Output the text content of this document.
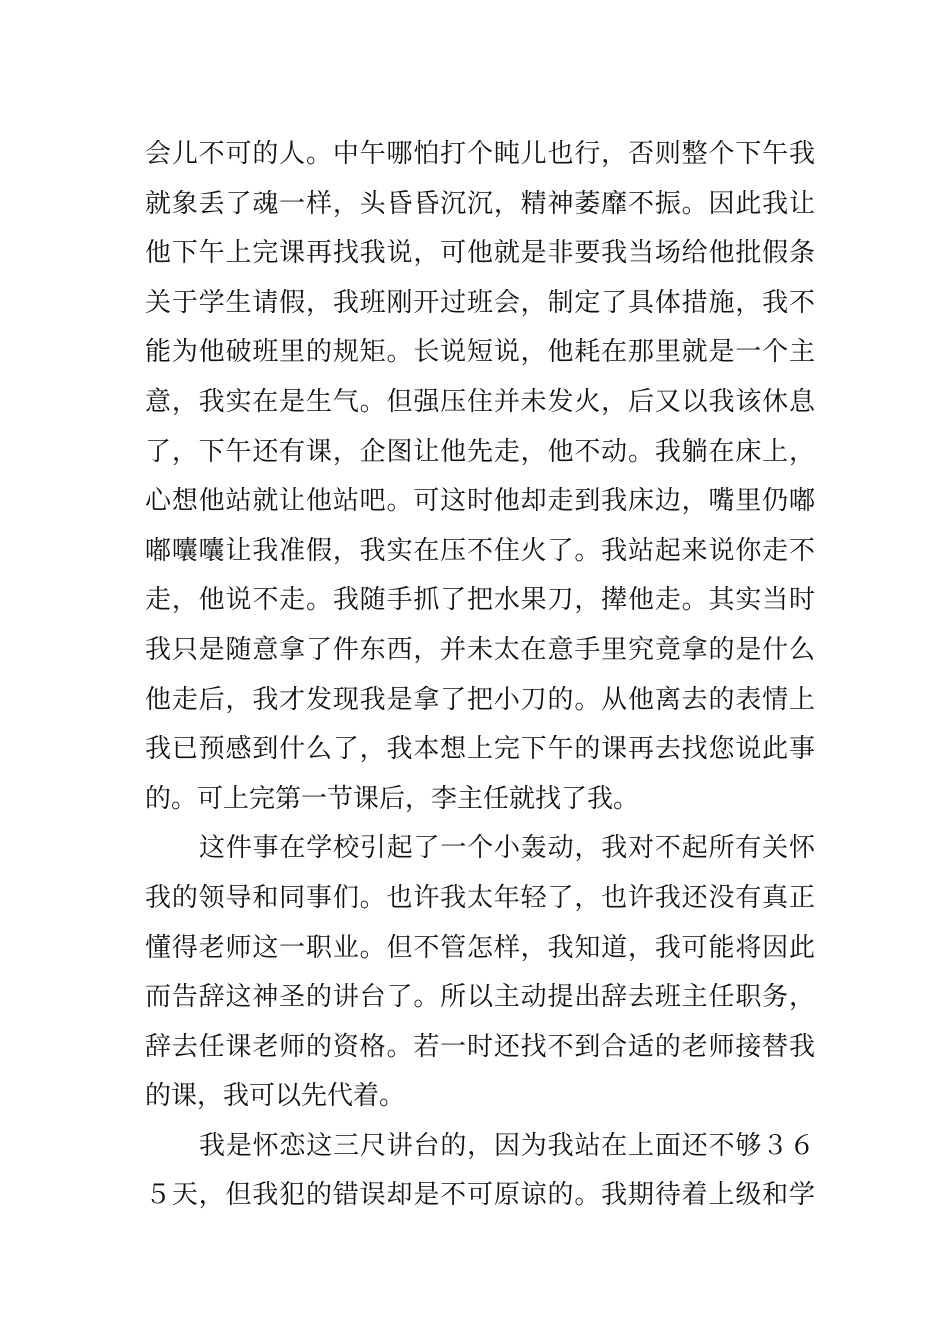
会儿不可的人。中午哪怕打个盹儿也行，否则整个下午我
就象丢了魂一样，头昏昏沉沉，精神萎靡不振。因此我让
他下午上完课再找我说，可他就是非要我当场给他批假条
关于学生请假，我班刚开过班会，制定了具体措施，我不
能为他破班里的规矩。长说短说，他耗在那里就是一个主
意，我实在是生气。但强压住并未发火，后又以我该休息
了，下午还有课，企图让他先走，他不动。我躺在床上，
心想他站就让他站吧。可这时他却走到我床边，嘴里仍嘟
嘟囔囔让我准假，我实在压不住火了。我站起来说你走不
走，他说不走。我随手抓了把水果刀，撵他走。其实当时
我只是随意拿了件东西，并未太在意手里究竟拿的是什么
他走后，我才发现我是拿了把小刀的。从他离去的表情上
我已预感到什么了，我本想上完下午的课再去找您说此事
的。可上完第一节课后，李主任就找了我。
这件事在学校引起了一个小轰动，我对不起所有关怀
我的领导和同事们。也许我太年轻了，也许我还没有真正
懂得老师这一职业。但不管怎样，我知道，我可能将因此
而告辞这神圣的讲台了。所以主动提出辞去班主任职务，
辞去任课老师的资格。若一时还找不到合适的老师接替我
的课，我可以先代着。
我是怀恋这三尺讲台的，因为我站在上面还不够３６
５天，但我犯的错误却是不可原谅的。我期待着上级和学
